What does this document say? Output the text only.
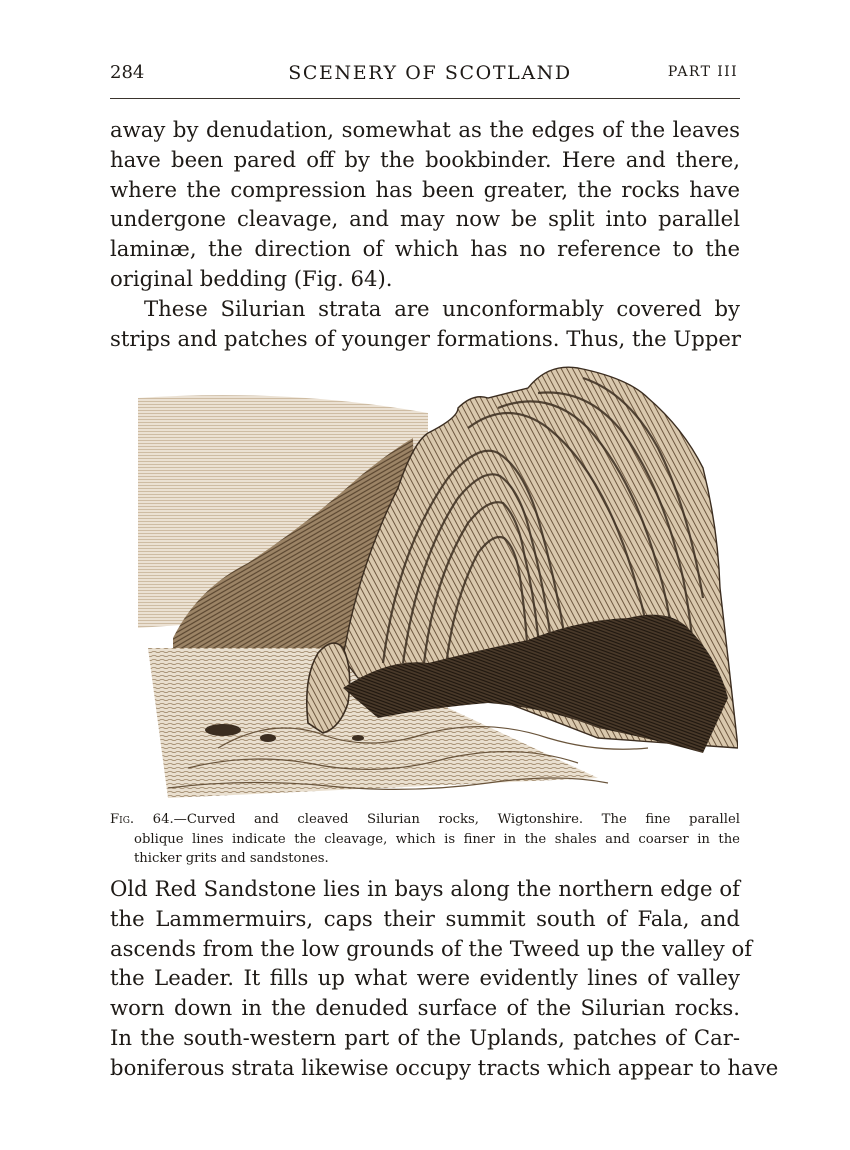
284	SCENERY OF SCOTLAND	PART III
away by denudation, somewhat as the edges of the leaves
have been pared off by the bookbinder. Here and there,
where the compression has been greater, the rocks have
undergone cleavage, and may now be split into parallel
laminæ, the direction of which has no reference to the
original bedding (Fig. 64).
These Silurian strata are unconformably covered by
strips and patches of younger formations. Thus, the Upper
Fig. 64.—Curved and cleaved Silurian rocks, Wigtonshire. The fine parallel
oblique lines indicate the cleavage, which is finer in the shales and coarser in the
thicker grits and sandstones.
Old Red Sandstone lies in bays along the northern edge of
the Lammermuirs, caps their summit south of Fala, and
ascends from the low grounds of the Tweed up the valley of
the Leader. It fills up what were evidently lines of valley
worn down in the denuded surface of the Silurian rocks.
In the south-western part of the Uplands, patches of Car-
boniferous strata likewise occupy tracts which appear to have
